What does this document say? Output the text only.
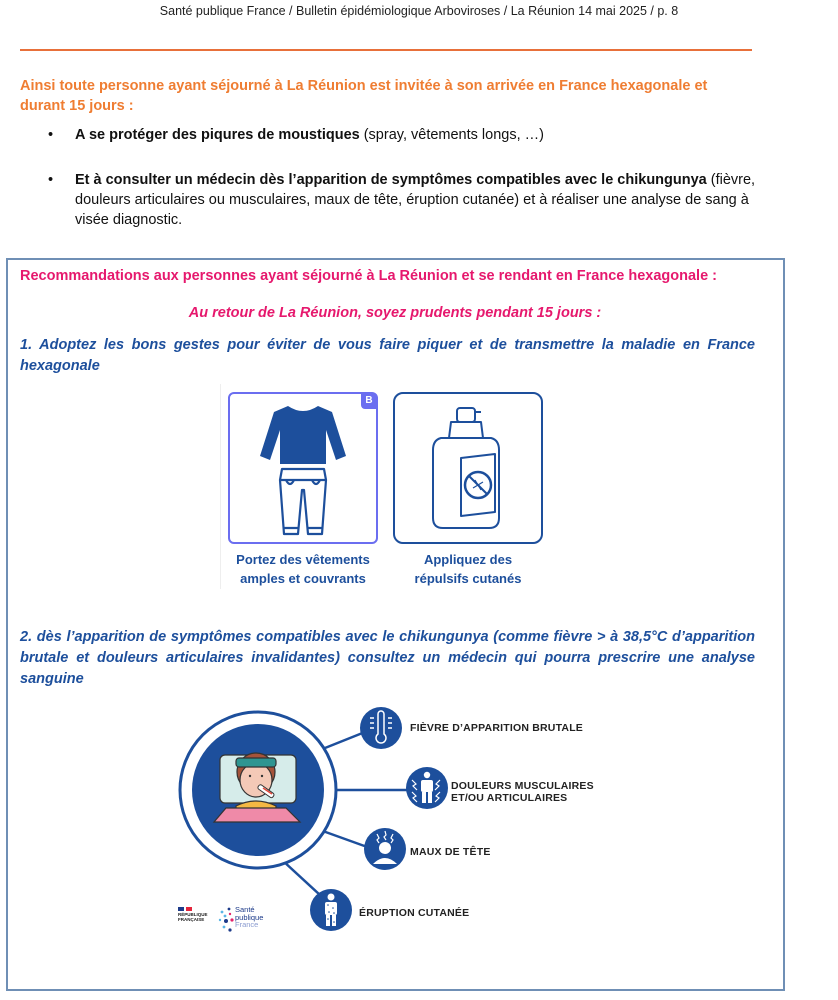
Santé publique France / Bulletin épidémiologique Arboviroses / La Réunion 14 mai 2025 / p. 8
Ainsi toute personne ayant séjourné à La Réunion est invitée à son arrivée en France hexagonale et durant 15 jours :
• A se protéger des piqures de moustiques (spray, vêtements longs, …)
• Et à consulter un médecin dès l’apparition de symptômes compatibles avec le chikungunya (fièvre, douleurs articulaires ou musculaires, maux de tête, éruption cutanée) et à réaliser une analyse de sang à visée diagnostic.
Recommandations aux personnes ayant séjourné à La Réunion et se rendant en France hexagonale :
Au retour de La Réunion, soyez prudents pendant 15 jours :
1. Adoptez les bons gestes pour éviter de vous faire piquer et de transmettre la maladie en France hexagonale
B
Portez des vêtements
amples et couvrants
Appliquez des
répulsifs cutanés
2. dès l’apparition de symptômes compatibles avec le chikungunya (comme fièvre > à 38,5°C d’apparition brutale et douleurs articulaires invalidantes) consultez un médecin qui pourra prescrire une analyse sanguine
FIÈVRE D’APPARITION BRUTALE
DOULEURS MUSCULAIRES
ET/OU ARTICULAIRES
MAUX DE TÊTE
ÉRUPTION CUTANÉE
RÉPUBLIQUE FRANÇAISE
Santé
publique
France
